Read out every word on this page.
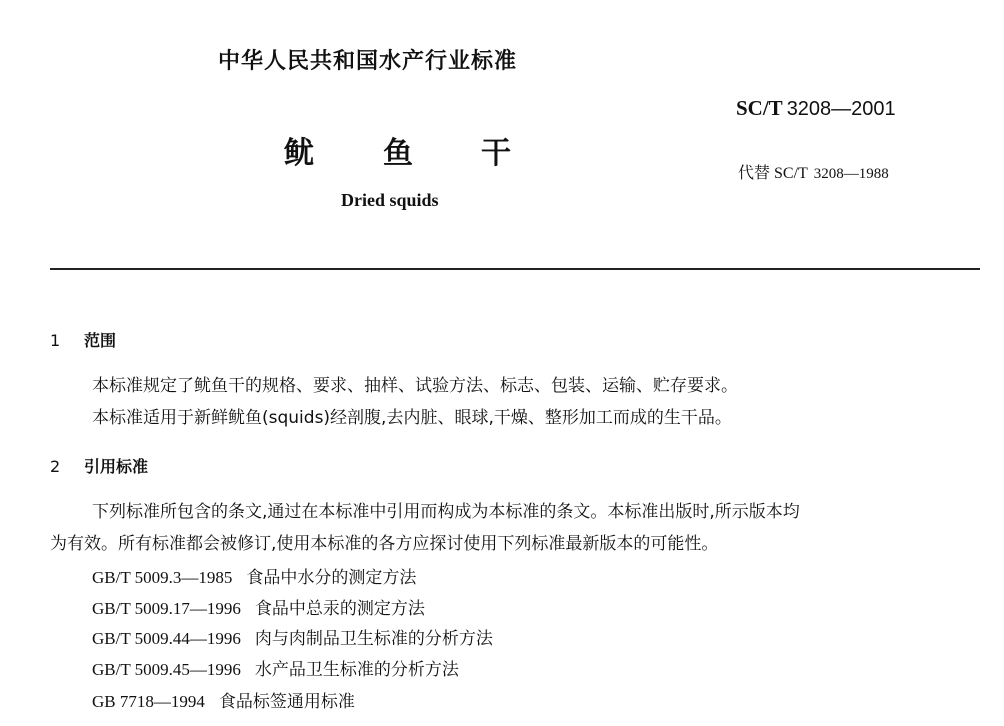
中华人民共和国水产行业标准
SC/T 3208—2001
鱿 鱼 干
代替 SC/T 3208—1988
Dried squids
1 范围
本标准规定了鱿鱼干的规格、要求、抽样、试验方法、标志、包装、运输、贮存要求。
本标准适用于新鲜鱿鱼(squids)经剖腹,去内脏、眼球,干燥、整形加工而成的生干品。
2 引用标准
下列标准所包含的条文,通过在本标准中引用而构成为本标准的条文。本标准出版时,所示版本均
为有效。所有标准都会被修订,使用本标准的各方应探讨使用下列标准最新版本的可能性。
GB/T 5009.3—1985 食品中水分的测定方法
GB/T 5009.17—1996 食品中总汞的测定方法
GB/T 5009.44—1996 肉与肉制品卫生标准的分析方法
GB/T 5009.45—1996 水产品卫生标准的分析方法
GB 7718—1994 食品标签通用标准
